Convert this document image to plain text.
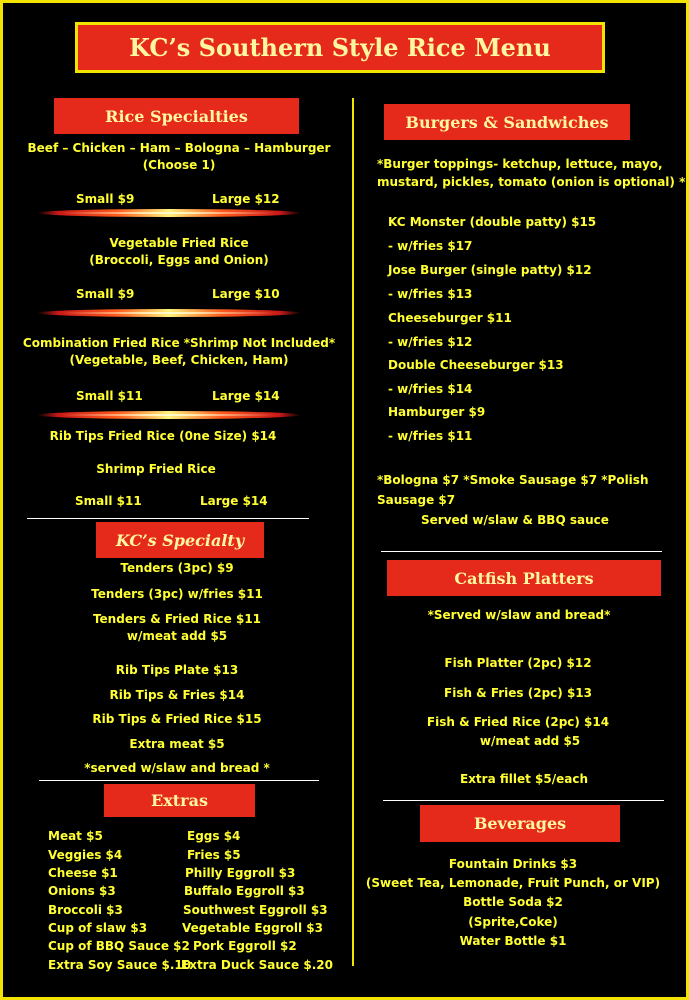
KC’s Southern Style Rice Menu
Rice Specialties
Beef – Chicken – Ham – Bologna – Hamburger
(Choose 1)
Small $9	Large $12
Vegetable Fried Rice
(Broccoli, Eggs and Onion)
Small $9	Large $10
Combination Fried Rice *Shrimp Not Included*
(Vegetable, Beef, Chicken, Ham)
Small $11	Large $14
Rib Tips Fried Rice (0ne Size) $14
Shrimp Fried Rice
Small $11	Large $14
KC’s Specialty
Tenders (3pc) $9
Tenders (3pc) w/fries $11
Tenders & Fried Rice $11
w/meat add $5
Rib Tips Plate $13
Rib Tips & Fries $14
Rib Tips & Fried Rice $15
Extra meat $5
*served w/slaw and bread *
Extras
Meat $5
Veggies $4
Cheese $1
Onions $3
Broccoli $3
Cup of slaw $3
Cup of BBQ Sauce $2
Extra Soy Sauce $.10
Eggs $4
Fries $5
Philly Eggroll $3
Buffalo Eggroll $3
Southwest Eggroll $3
Vegetable Eggroll $3
Pork Eggroll $2
Extra Duck Sauce $.20
Burgers & Sandwiches
*Burger toppings- ketchup, lettuce, mayo,
mustard, pickles, tomato (onion is optional) *
KC Monster (double patty) $15
- w/fries $17
Jose Burger (single patty) $12
- w/fries $13
Cheeseburger $11
- w/fries $12
Double Cheeseburger $13
- w/fries $14
Hamburger $9
- w/fries $11
*Bologna $7 *Smoke Sausage $7 *Polish
Sausage $7
Served w/slaw & BBQ sauce
Catfish Platters
*Served w/slaw and bread*
Fish Platter (2pc) $12
Fish & Fries (2pc) $13
Fish & Fried Rice (2pc) $14
w/meat add $5
Extra fillet $5/each
Beverages
Fountain Drinks $3
(Sweet Tea, Lemonade, Fruit Punch, or VIP)
Bottle Soda $2
(Sprite,Coke)
Water Bottle $1
